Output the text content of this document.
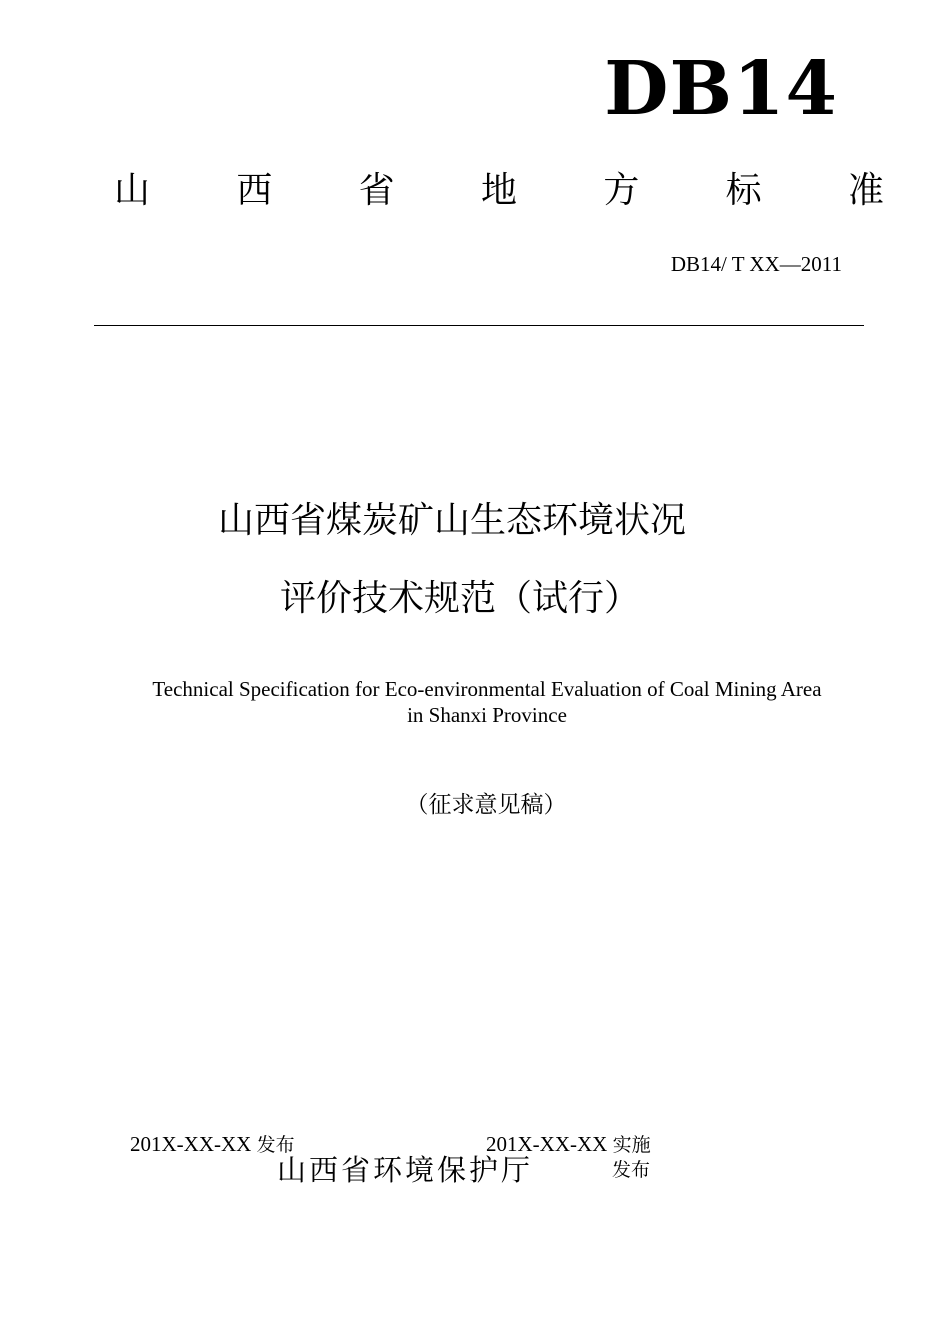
DB14
山 西 省 地 方 标 准
DB14/ T XX—2011
山西省煤炭矿山生态环境状况
评价技术规范（试行）
Technical Specification for Eco-environmental Evaluation of Coal Mining Area
in Shanxi Province
（征求意见稿）
201X-XX-XX 发布	201X-XX-XX 实施
山西省环境保护厅	发布
